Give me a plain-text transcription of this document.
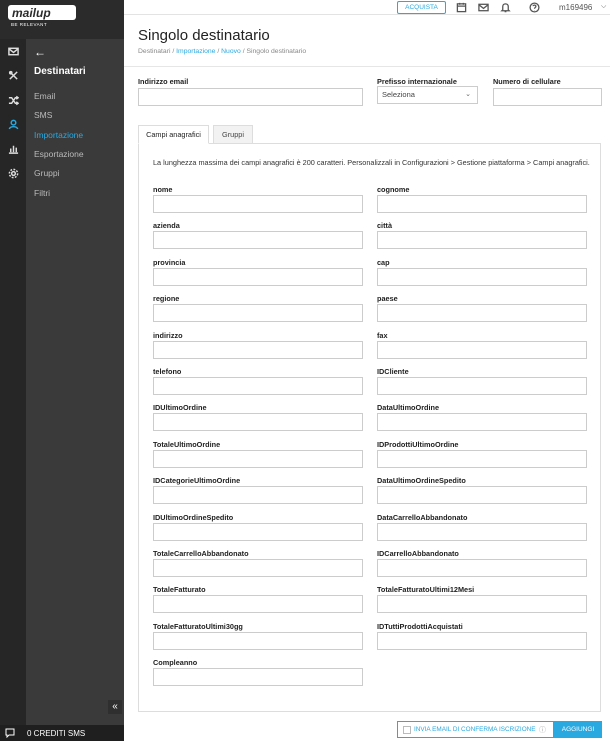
mailup
BE RELEVANT
←
Destinatari
Email
SMS
Importazione
Esportazione
Gruppi
Filtri
«
0 CREDITI SMS
ACQUISTA	m169496 ⌵
Singolo destinatario
Destinatari / Importazione / Nuovo / Singolo destinatario
Indirizzo email	Prefisso internazionale
Seleziona	⌄
Numero di cellulare
Campi anagrafici	Gruppi
La lunghezza massima dei campi anagrafici è 200 caratteri. Personalizzali in Configurazioni > Gestione piattaforma > Campi anagrafici.
nome	cognome
azienda	città
provincia	cap
regione	paese
indirizzo	fax
telefono	IDCliente
IDUltimoOrdine	DataUltimoOrdine
TotaleUltimoOrdine	IDProdottiUltimoOrdine
IDCategorieUltimoOrdine	DataUltimoOrdineSpedito
IDUltimoOrdineSpedito	DataCarrelloAbbandonato
TotaleCarrelloAbbandonato	IDCarrelloAbbandonato
TotaleFatturato	TotaleFatturatoUltimi12Mesi
TotaleFatturatoUltimi30gg	IDTuttiProdottiAcquistati
Compleanno
INVIA EMAIL DI CONFERMA ISCRIZIONE ⓘ	AGGIUNGI
